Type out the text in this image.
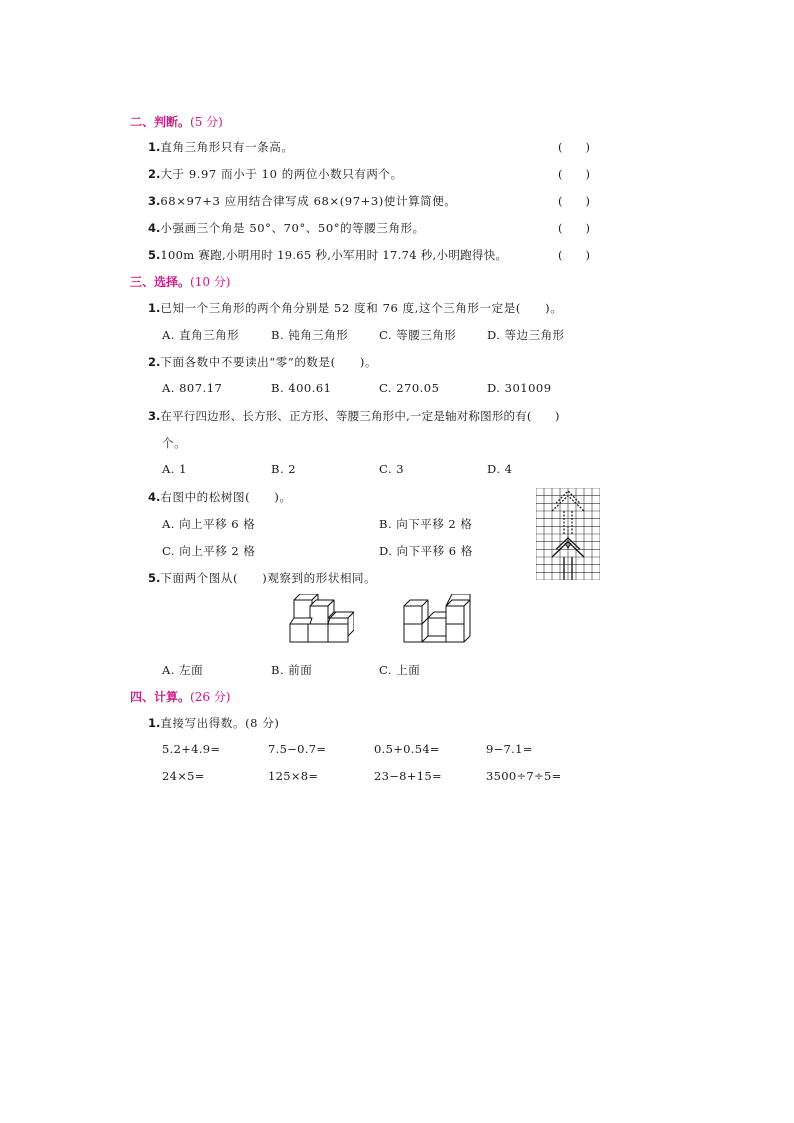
二、判断。(5 分)
1.直角三角形只有一条高。	(　　)
2.大于 9.97 而小于 10 的两位小数只有两个。	(　　)
3.68×97+3 应用结合律写成 68×(97+3)使计算简便。	(　　)
4.小强画三个角是 50°、70°、50°的等腰三角形。	(　　)
5.100m 赛跑,小明用时 19.65 秒,小军用时 17.74 秒,小明跑得快。	(　　)
三、选择。(10 分)
1.已知一个三角形的两个角分别是 52 度和 76 度,这个三角形一定是(　　)。
A. 直角三角形	B. 钝角三角形	C. 等腰三角形	D. 等边三角形
2.下面各数中不要读出“零”的数是(　　)。
A. 807.17	B. 400.61	C. 270.05	D. 301009
3.在平行四边形、长方形、正方形、等腰三角形中,一定是轴对称图形的有(　　)
个。
A. 1	B. 2	C. 3	D. 4
4.右图中的松树图(　　)。
A. 向上平移 6 格	B. 向下平移 2 格
C. 向上平移 2 格	D. 向下平移 6 格
5.下面两个图从(　　)观察到的形状相同。
A. 左面	B. 前面	C. 上面
四、计算。(26 分)
1.直接写出得数。(8 分)
5.2+4.9=	7.5−0.7=	0.5+0.54=	9−7.1=
24×5=	125×8=	23−8+15=	3500÷7÷5=
